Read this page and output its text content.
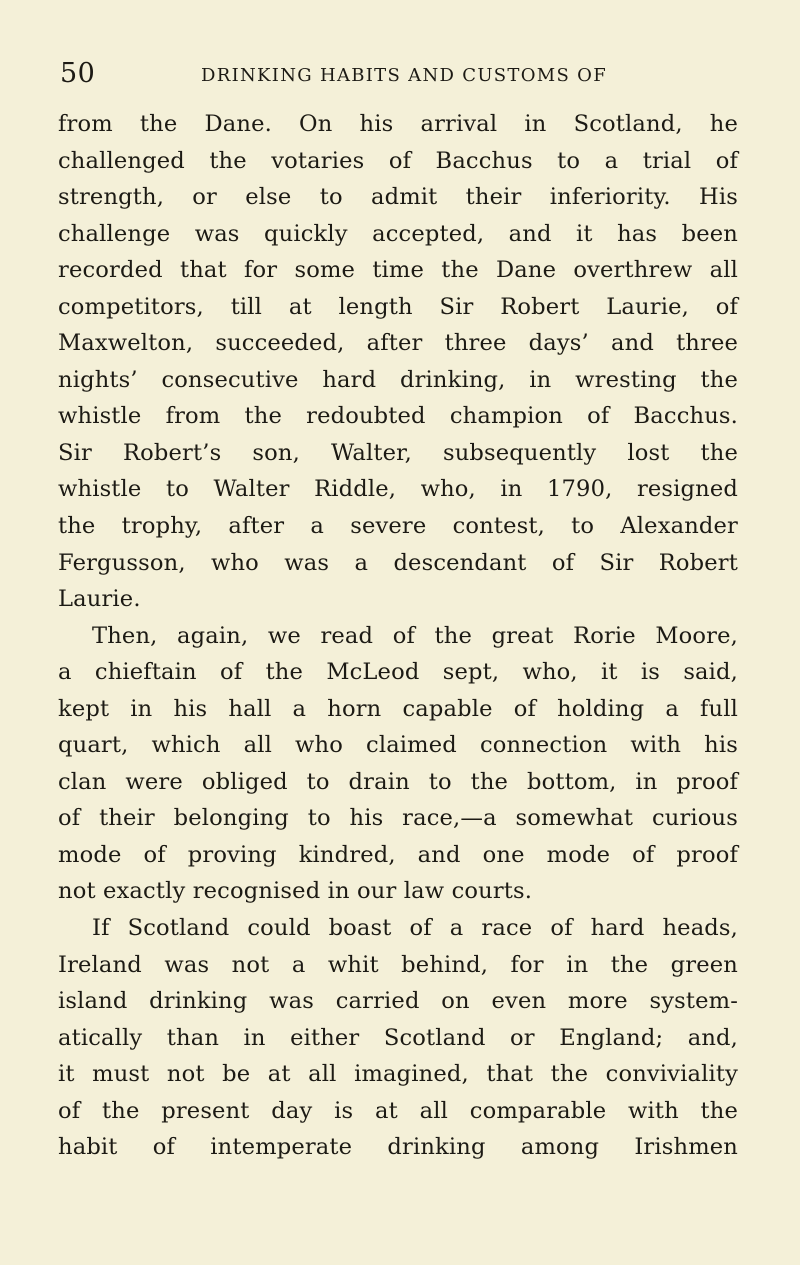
50	DRINKING HABITS AND CUSTOMS OF
from the Dane. On his arrival in Scotland, he
challenged the votaries of Bacchus to a trial of
strength, or else to admit their inferiority. His
challenge was quickly accepted, and it has been
recorded that for some time the Dane overthrew all
competitors, till at length Sir Robert Laurie, of
Maxwelton, succeeded, after three days’ and three
nights’ consecutive hard drinking, in wresting the
whistle from the redoubted champion of Bacchus.
Sir Robert’s son, Walter, subsequently lost the
whistle to Walter Riddle, who, in 1790, resigned
the trophy, after a severe contest, to Alexander
Fergusson, who was a descendant of Sir Robert
Laurie.
Then, again, we read of the great Rorie Moore,
a chieftain of the McLeod sept, who, it is said,
kept in his hall a horn capable of holding a full
quart, which all who claimed connection with his
clan were obliged to drain to the bottom, in proof
of their belonging to his race,—a somewhat curious
mode of proving kindred, and one mode of proof
not exactly recognised in our law courts.
If Scotland could boast of a race of hard heads,
Ireland was not a whit behind, for in the green
island drinking was carried on even more system-
atically than in either Scotland or England; and,
it must not be at all imagined, that the conviviality
of the present day is at all comparable with the
habit of intemperate drinking among Irishmen
